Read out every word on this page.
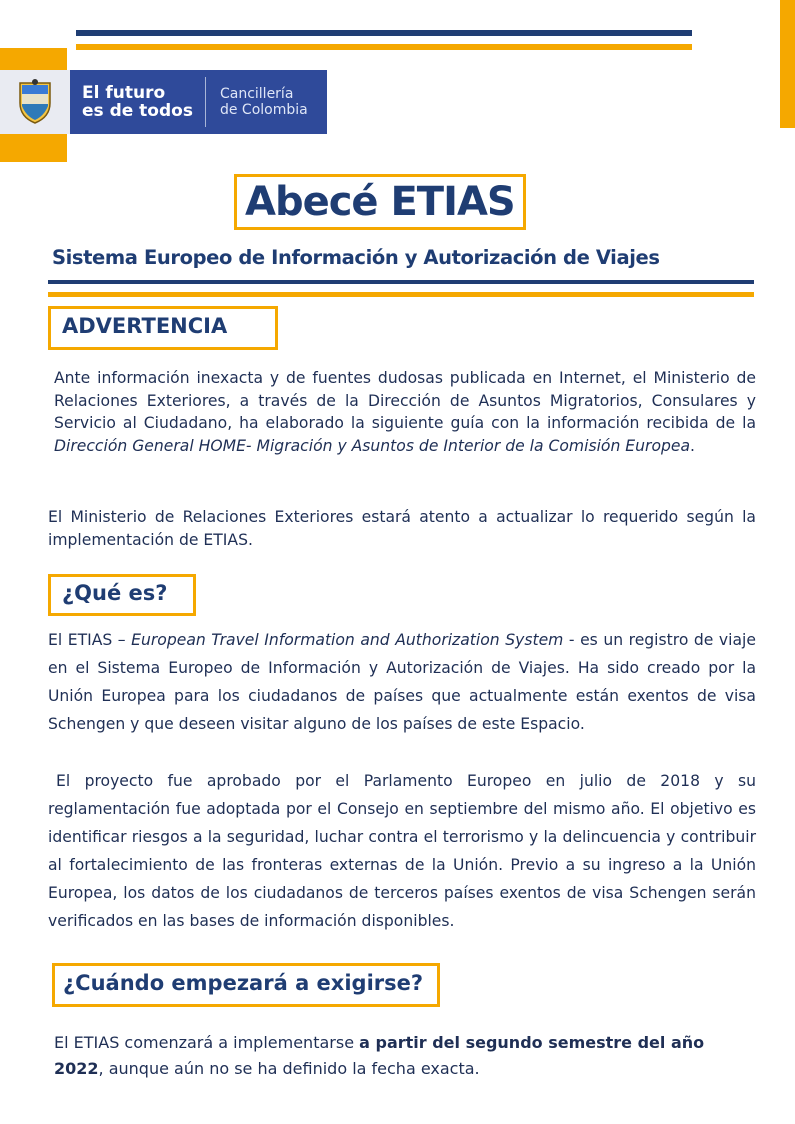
El futuro
es de todos
Cancillería
de Colombia
Abecé ETIAS
Sistema Europeo de Información y Autorización de Viajes
ADVERTENCIA
Ante información inexacta y de fuentes dudosas publicada en Internet, el Ministerio de Relaciones Exteriores, a través de la Dirección de Asuntos Migratorios, Consulares y Servicio al Ciudadano, ha elaborado la siguiente guía con la información recibida de la Dirección General HOME- Migración y Asuntos de Interior de la Comisión Europea.
El Ministerio de Relaciones Exteriores estará atento a actualizar lo requerido según la implementación de ETIAS.
¿Qué es?
El ETIAS – European Travel Information and Authorization System - es un registro de viaje en el Sistema Europeo de Información y Autorización de Viajes. Ha sido creado por la Unión Europea para los ciudadanos de países que actualmente están exentos de visa Schengen y que deseen visitar alguno de los países de este Espacio.
El proyecto fue aprobado por el Parlamento Europeo en julio de 2018 y su reglamentación fue adoptada por el Consejo en septiembre del mismo año. El objetivo es identificar riesgos a la seguridad, luchar contra el terrorismo y la delincuencia y contribuir al fortalecimiento de las fronteras externas de la Unión. Previo a su ingreso a la Unión Europea, los datos de los ciudadanos de terceros países exentos de visa Schengen serán verificados en las bases de información disponibles.
¿Cuándo empezará a exigirse?
El ETIAS comenzará a implementarse a partir del segundo semestre del año 2022, aunque aún no se ha definido la fecha exacta.
